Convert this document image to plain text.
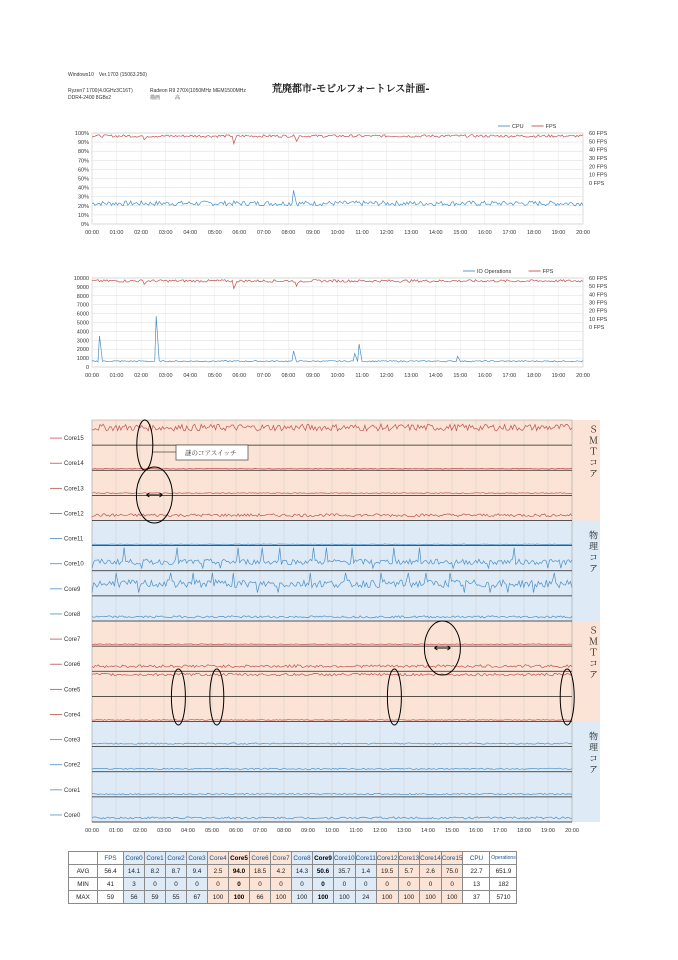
Windows10　Ver.1703 (15063.250)
Ryzen7 1700(4.0GHz3C16T)	Radeon R9 270X(1050MHz MEM1500MHz
DDR4-2400 8GBx2	描画　　　高
荒廃都市-モビルフォートレス計画-
100%
90%
80%
70%
60%
50%
40%
30%
20%
10%
0%
00:00 01:00 02:00 03:00 04:00 05:00 06:00 07:00 08:00 09:00 10:00 11:00 12:00 13:00 14:00 15:00 16:00 17:00 18:00 19:00 20:00
60 FPS
50 FPS
40 FPS
30 FPS
20 FPS
10 FPS
0 FPS
CPU	FPS
10000
9000
8000
7000
6000
5000
4000
3000
2000
1000
0
00:00 01:00 02:00 03:00 04:00 05:00 06:00 07:00 08:00 09:00 10:00 11:00 12:00 13:00 14:00 15:00 16:00 17:00 18:00 19:00 20:00
60 FPS
50 FPS
40 FPS
30 FPS
20 FPS
10 FPS
0 FPS
IO Operations	FPS
00:00 01:00 02:00 03:00 04:00 05:00 06:00 07:00 08:00 09:00 10:00 11:00 12:00 13:00 14:00 15:00 16:00 17:00 18:00 19:00 20:00
Core15
Core14
Core13
Core12
Core11
Core10
Core9
Core8
Core7
Core6
Core5
Core4
Core3
Core2
Core1
Core0
ＳＭＴコア
物理コア
ＳＭＴコア
物理コア
謎のコアスイッチ
	FPS	Core0	Core1	Core2	Core3	Core4	Core5	Core6	Core7	Core8	Core9	Core10	Core11	Core12	Core13	Core14	Core15	CPU	Operations
AVG	56.4	14.1	8.2	8.7	9.4	2.5	94.0	18.5	4.2	14.3	50.6	35.7	1.4	19.5	5.7	2.6	75.0	22.7	651.9
MIN	41	3	0	0	0	0	0	0	0	0	0	0	0	0	0	0	0	13	182
MAX	59	56	59	55	67	100	100	66	100	100	100	100	24	100	100	100	100	37	5710
